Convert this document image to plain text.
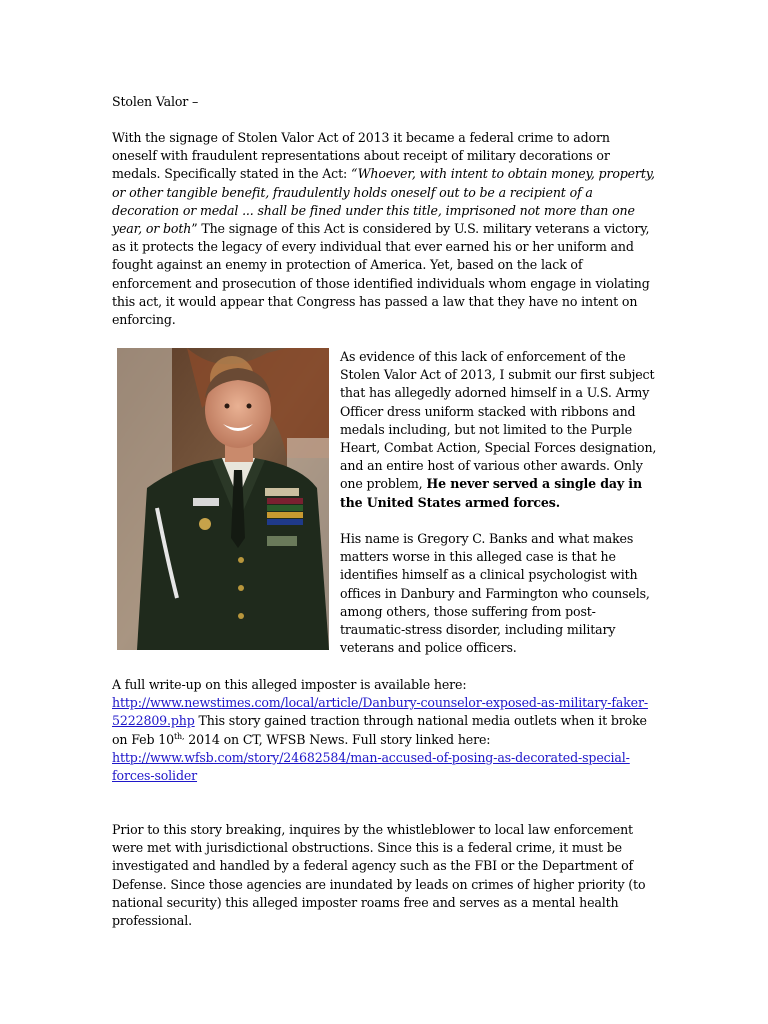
Stolen Valor –

With the signage of Stolen Valor Act of 2013 it became a federal crime to adorn oneself with fraudulent representations about receipt of military decorations or medals. Specifically stated in the Act: “Whoever, with intent to obtain money, property, or other tangible benefit, fraudulently holds oneself out to be a recipient of a decoration or medal ... shall be fined under this title, imprisoned not more than one year, or both” The signage of this Act is considered by U.S. military veterans a victory, as it protects the legacy of every individual that ever earned his or her uniform and fought against an enemy in protection of America. Yet, based on the lack of enforcement and prosecution of those identified individuals whom engage in violating this act, it would appear that Congress has passed a law that they have no intent on enforcing.

As evidence of this lack of enforcement of the Stolen Valor Act of 2013, I submit our first subject that has allegedly adorned himself in a U.S. Army Officer dress uniform stacked with ribbons and medals including, but not limited to the Purple Heart, Combat Action, Special Forces designation, and an entire host of various other awards. Only one problem, He never served a single day in the United States armed forces.

His name is Gregory C. Banks and what makes matters worse in this alleged case is that he identifies himself as a clinical psychologist with offices in Danbury and Farmington who counsels, among others, those suffering from post-traumatic-stress disorder, including military veterans and police officers.

A full write-up on this alleged imposter is available here:
http://www.newstimes.com/local/article/Danbury-counselor-exposed-as-military-faker-5222809.php This story gained traction through national media outlets when it broke on Feb $10^{th,}$ 2014 on CT, WFSB News. Full story linked here:
http://www.wfsb.com/story/24682584/man-accused-of-posing-as-decorated-special-forces-solider

Prior to this story breaking, inquires by the whistleblower to local law enforcement were met with jurisdictional obstructions. Since this is a federal crime, it must be investigated and handled by a federal agency such as the FBI or the Department of Defense. Since those agencies are inundated by leads on crimes of higher priority (to national security) this alleged imposter roams free and serves as a mental health professional.
